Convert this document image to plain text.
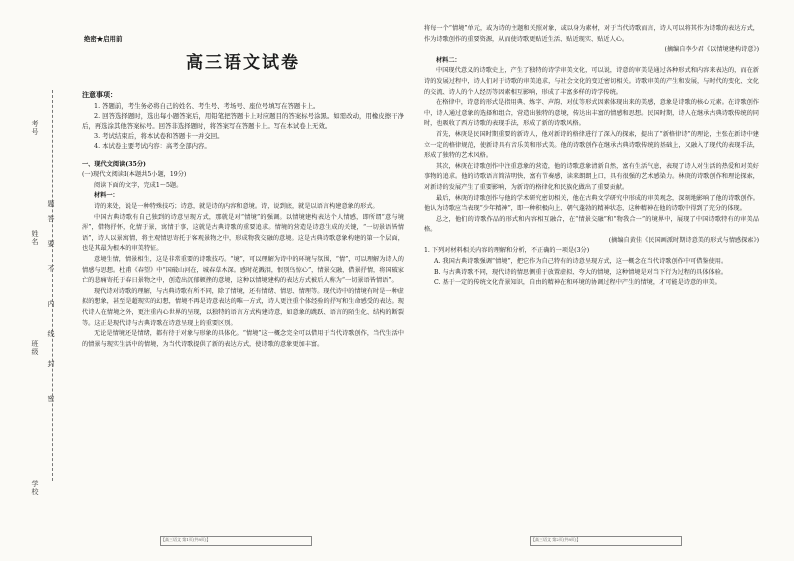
考号
姓名
班级
学校
题
答
要
不
内
线
封
密
绝密★启用前
高三语文试卷
注意事项：

1. 答题前，考生务必将自己的姓名、考生号、考场号、座位号填写在答题卡上。

2. 回答选择题时，选出每小题答案后，用铅笔把答题卡上对应题目的答案标号涂黑。如需改动，用橡皮擦干净后，再选涂其他答案标号。回答非选择题时，将答案写在答题卡上。写在本试卷上无效。

3. 考试结束后，将本试卷和答题卡一并交回。

4. 本试卷主要考试内容：高考全部内容。

一、现代文阅读(35分)
(一)现代文阅读Ⅰ(本题共5小题，19分)

阅读下面的文字，完成1～5题。

材料一：

诗的来处，说是一种特殊技巧；诗意，就是诗的内容和意境。诗，说到底，就是以语言构建意象的形式。

中国古典诗歌有自己独到的诗意呈现方式，那就是对“情境”的强调。以情境建构表达个人情感，即所谓“意与境浑”，借物抒怀，化情于景，寓情于事，这就是古典诗歌的重要追求。情境的营造是诗意生成的关键，“一切景语皆情语”，诗人以景寓情，将主观情思寄托于客观景物之中，形成物我交融的意境。这是古典诗歌意象构建的第一个层面，也是其最为根本的审美特征。

意境生情，情景相生，这是非常重要的诗歌技巧。“境”，可以理解为诗中的环境与氛围，“情”，可以理解为诗人的情感与思想。杜甫《春望》中“国破山河在，城春草木深。感时花溅泪，恨别鸟惊心”，情景交融，借景抒情，将国破家亡的悲痛寄托于春日景物之中，创造出沉郁顿挫的意境，这种以情境建构的表达方式被后人称为“一切景语皆情语”。

现代诗对诗歌的理解，与古典诗歌有所不同，除了情境，还有情绪、情思、情理等。现代诗中的情境有时是一种虚拟的想象，甚至是超现实的幻想，情境不再是诗意表达的唯一方式，诗人更注重个体经验的抒写和生命感受的表达。现代诗人在情境之外，更注重内心世界的呈现，以独特的语言方式构建诗意，如意象的跳跃、语言的陌生化、结构的断裂等。这正是现代诗与古典诗歌在诗意呈现上的重要区别。

无论是情境还是情绪，都有待于对象与形象的具体化。“情境”这一概念完全可以借用于当代诗歌创作，当代生活中的情景与现实生活中的情境，为当代诗歌提供了新的表达方式，使诗歌的意象更加丰富。

【高三语文 第1页(共8页)】

将每一个“情境”单元，或为诗的主题和关照对象，或以身为素材，对于当代诗歌而言，诗人可以将其作为诗歌的表达方式，作为诗歌创作的重要资源，从而使诗歌更贴近生活、贴近现实、贴近人心。

(摘编自李少君《以情境建构诗意》)

材料二：

中国现代意义的诗歌史上，产生了独特的诗学审美文化，可以说，诗意的审美是通过各种形式和内容来表达的，而在新诗的发展过程中，诗人们对于诗歌的审美追求，与社会文化的变迁密切相关。诗歌审美的产生和发展，与时代的变化、文化的交流、诗人的个人经历等因素相互影响，形成了丰富多样的诗学传统。

在格律中，诗意的形式是指用典、炼字、声韵、对仗等形式因素体现出来的美感，意象是诗歌的核心元素。在诗歌创作中，诗人通过意象的选择和组合，营造出独特的意境，传达出丰富的情感和思想。民国时期，诗人在继承古典诗歌传统的同时，也吸收了西方诗歌的表现手法，形成了新的诗歌风格。

首先，林庚是民国时期重要的新诗人，他对新诗的格律进行了深入的探索，提出了“新格律诗”的理论，主张在新诗中建立一定的格律规范，使新诗具有音乐美和形式美。他的诗歌创作在继承古典诗歌传统的基础上，又融入了现代的表现手法，形成了独特的艺术风格。

其次，林庚在诗歌创作中注重意象的营造，他的诗歌意象清新自然，富有生活气息，表现了诗人对生活的热爱和对美好事物的追求。他的诗歌语言简洁明快，富有节奏感，读来朗朗上口，具有很强的艺术感染力。林庚的诗歌创作和理论探索，对新诗的发展产生了重要影响，为新诗的格律化和民族化做出了重要贡献。

最后，林庚的诗歌创作与他的学术研究密切相关，他在古典文学研究中形成的审美观念，深刻地影响了他的诗歌创作。他认为诗歌应当表现“少年精神”，即一种积极向上、朝气蓬勃的精神状态，这种精神在他的诗歌中得到了充分的体现。

总之，他们的诗歌作品的形式和内容相互融合，在“情景交融”和“物我合一”的境界中，展现了中国诗歌特有的审美品格。

(摘编自黄佳《民国画派时期诗意美的形式与情感探索》)

1. 下列对材料相关内容的理解和分析，不正确的一项是(3分)

A. 我国古典诗歌强调“情境”，把它作为自己特有的诗意呈现方式，这一概念在当代诗歌创作中可借鉴使用。

B. 与古典诗歌不同，现代诗的情思侧重于放置虚拟、夸大的情境，这种情境是对当下行为过程的具体体验。

C. 基于一定的传统文化背景知识，自由的精神在和环境的协调过程中产生的情境，才可能是诗意的审美。

【高三语文 第2页(共8页)】
